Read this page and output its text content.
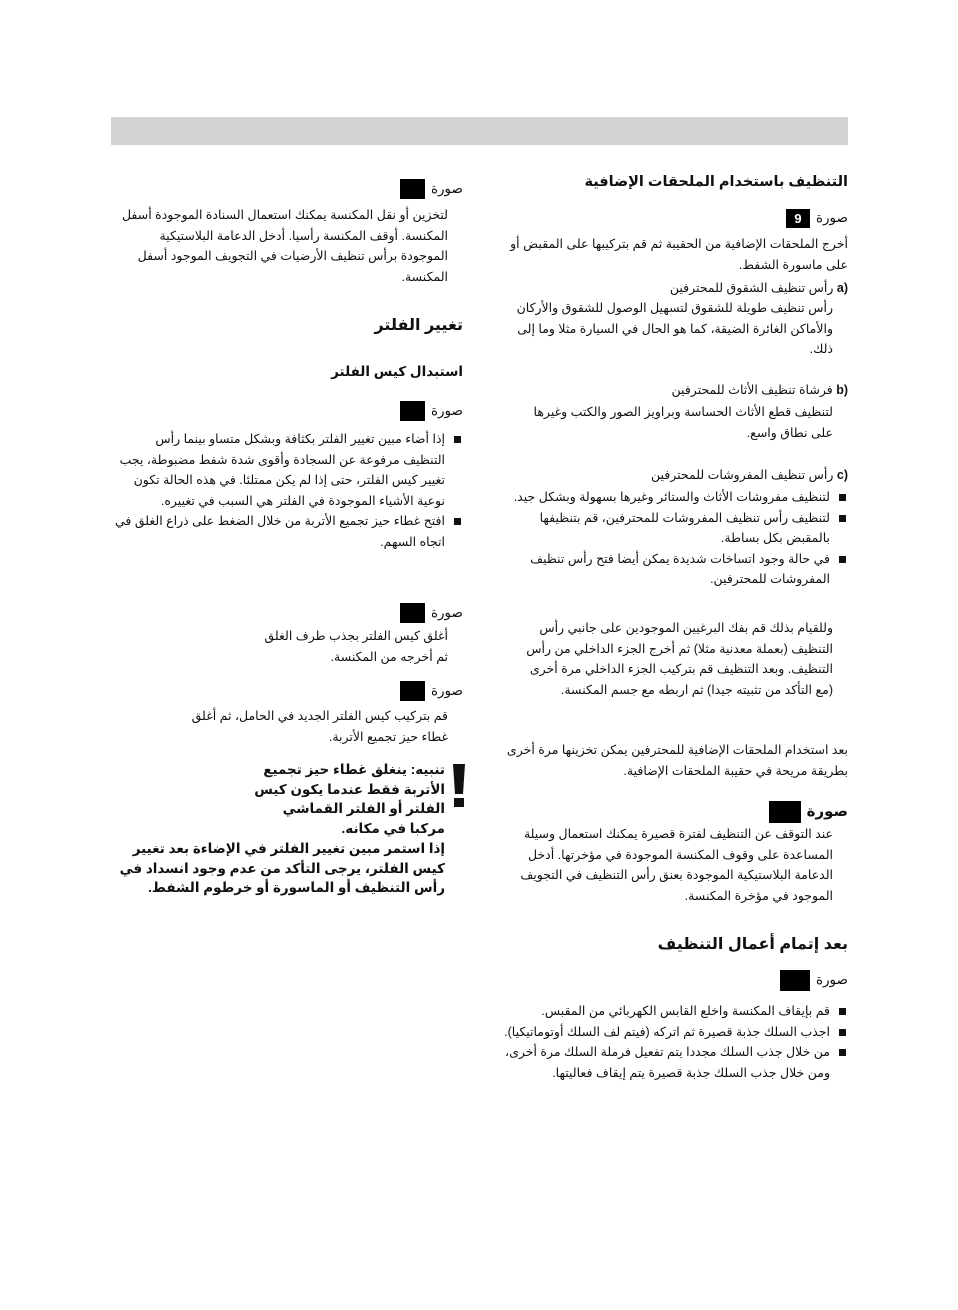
التنظيف باستخدام الملحقات الإضافية
صورة
9

أخرج الملحقات الإضافية من الحقيبة ثم قم بتركيبها على المقبض أو على ماسورة الشفط.

a) رأس تنظيف الشقوق للمحترفين

رأس تنظيف طويلة للشقوق لتسهيل الوصول للشقوق والأركان والأماكن الغائرة الضيقة، كما هو الحال في السيارة مثلا وما إلى ذلك.

b) فرشاة تنظيف الأثاث للمحترفين

لتنظيف قطع الأثاث الحساسة وبراويز الصور والكتب وغيرها على نطاق واسع.

c) رأس تنظيف المفروشات للمحترفين
لتنظيف مفروشات الأثاث والستائر وغيرها بسهولة وبشكل جيد.
لتنظيف رأس تنظيف المفروشات للمحترفين، قم بتنظيفها بالمقبض بكل بساطة.
في حالة وجود اتساخات شديدة يمكن أيضا فتح رأس تنظيف المفروشات للمحترفين.

وللقيام بذلك قم بفك البرغيين الموجودين على جانبي رأس التنظيف (بعملة معدنية مثلا) ثم أخرج الجزء الداخلي من رأس التنظيف. وبعد التنظيف قم بتركيب الجزء الداخلي مرة أخرى (مع التأكد من تثبيته جيدا) ثم اربطه مع جسم المكنسة.

بعد استخدام الملحقات الإضافية للمحترفين يمكن تخزينها مرة أخرى بطريقة مريحة في حقيبة الملحقات الإضافية.

صورة

عند التوقف عن التنظيف لفترة قصيرة يمكنك استعمال وسيلة المساعدة على وقوف المكنسة الموجودة في مؤخرتها. أدخل الدعامة البلاستيكية الموجودة بعنق رأس التنظيف في التجويف الموجود في مؤخرة المكنسة.

بعد إتمام أعمال التنظيف
صورة
قم بإيقاف المكنسة واخلع القابس الكهربائي من المقبس.
اجذب السلك جذبة قصيرة ثم اتركه (فيتم لف السلك أوتوماتيكيا).
من خلال جذب السلك مجددا يتم تفعيل فرملة السلك مرة أخرى، ومن خلال جذب السلك جذبة قصيرة يتم إيقاف فعاليتها.
صورة

لتخزين أو نقل المكنسة يمكنك استعمال السنادة الموجودة أسفل المكنسة. أوقف المكنسة رأسيا. أدخل الدعامة البلاستيكية الموجودة برأس تنظيف الأرضيات في التجويف الموجود أسفل المكنسة.

تغيير الفلتر
استبدال كيس الفلتر
صورة
إذا أضاء مبين تغيير الفلتر بكثافة وبشكل متساو بينما رأس التنظيف مرفوعة عن السجادة وأقوى شدة شفط مضبوطة، يجب تغيير كيس الفلتر، حتى إذا لم يكن ممتلئا. في هذه الحالة تكون نوعية الأشياء الموجودة في الفلتر هي السبب في تغييره.
افتح غطاء حيز تجميع الأتربة من خلال الضغط على ذراع الغلق في اتجاه السهم.
صورة

أغلق كيس الفلتر بجذب طرف الغلق ثم أخرجه من المكنسة.

صورة

قم بتركيب كيس الفلتر الجديد في الحامل، ثم أغلق غطاء حيز تجميع الأتربة.

تنبيه: ينغلق غطاء حيز تجميع الأتربة فقط عندما يكون كيس الفلتر أو الفلتر القماشي مركبا في مكانه.
إذا استمر مبين تغيير الفلتر في الإضاءة بعد تغيير كيس الفلتر، يرجى التأكد من عدم وجود انسداد في رأس التنظيف أو الماسورة أو خرطوم الشفط.
